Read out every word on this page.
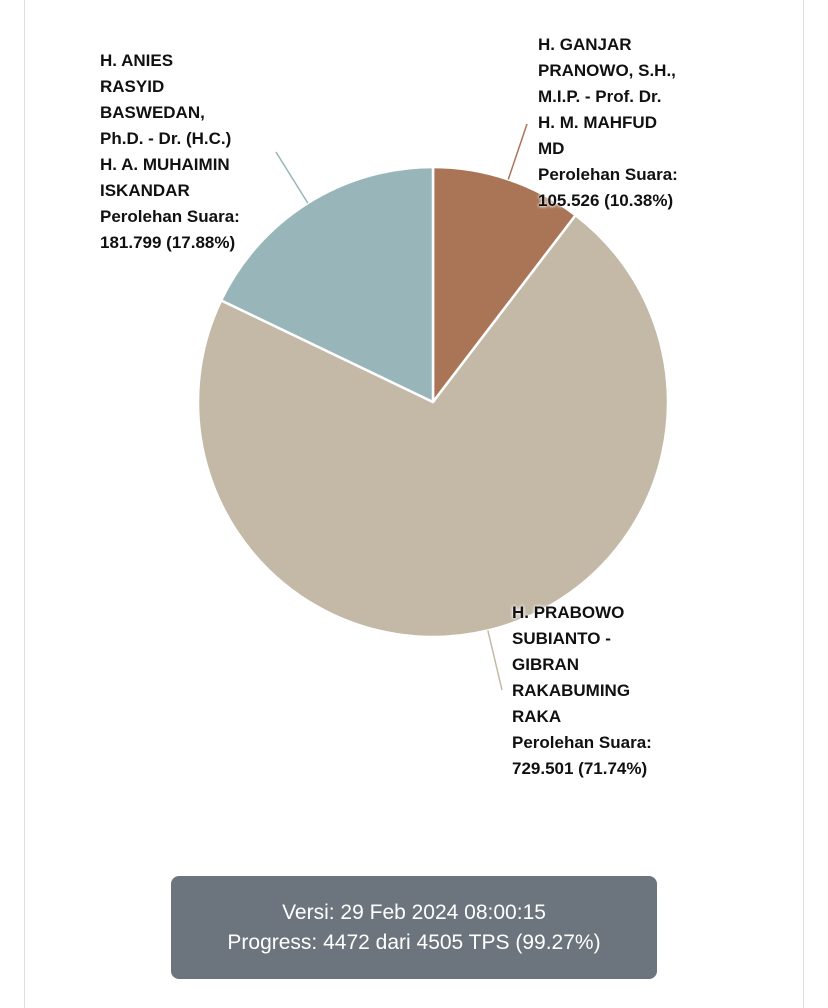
H. GANJAR
PRANOWO, S.H.,
M.I.P. - Prof. Dr.
H. M. MAHFUD
MD
Perolehan Suara:
105.526 (10.38%)
H. PRABOWO
SUBIANTO -
GIBRAN
RAKABUMING
RAKA
Perolehan Suara:
729.501 (71.74%)
H. ANIES
RASYID
BASWEDAN,
Ph.D. - Dr. (H.C.)
H. A. MUHAIMIN
ISKANDAR
Perolehan Suara:
181.799 (17.88%)
Versi: 29 Feb 2024 08:00:15
Progress: 4472 dari 4505 TPS (99.27%)
